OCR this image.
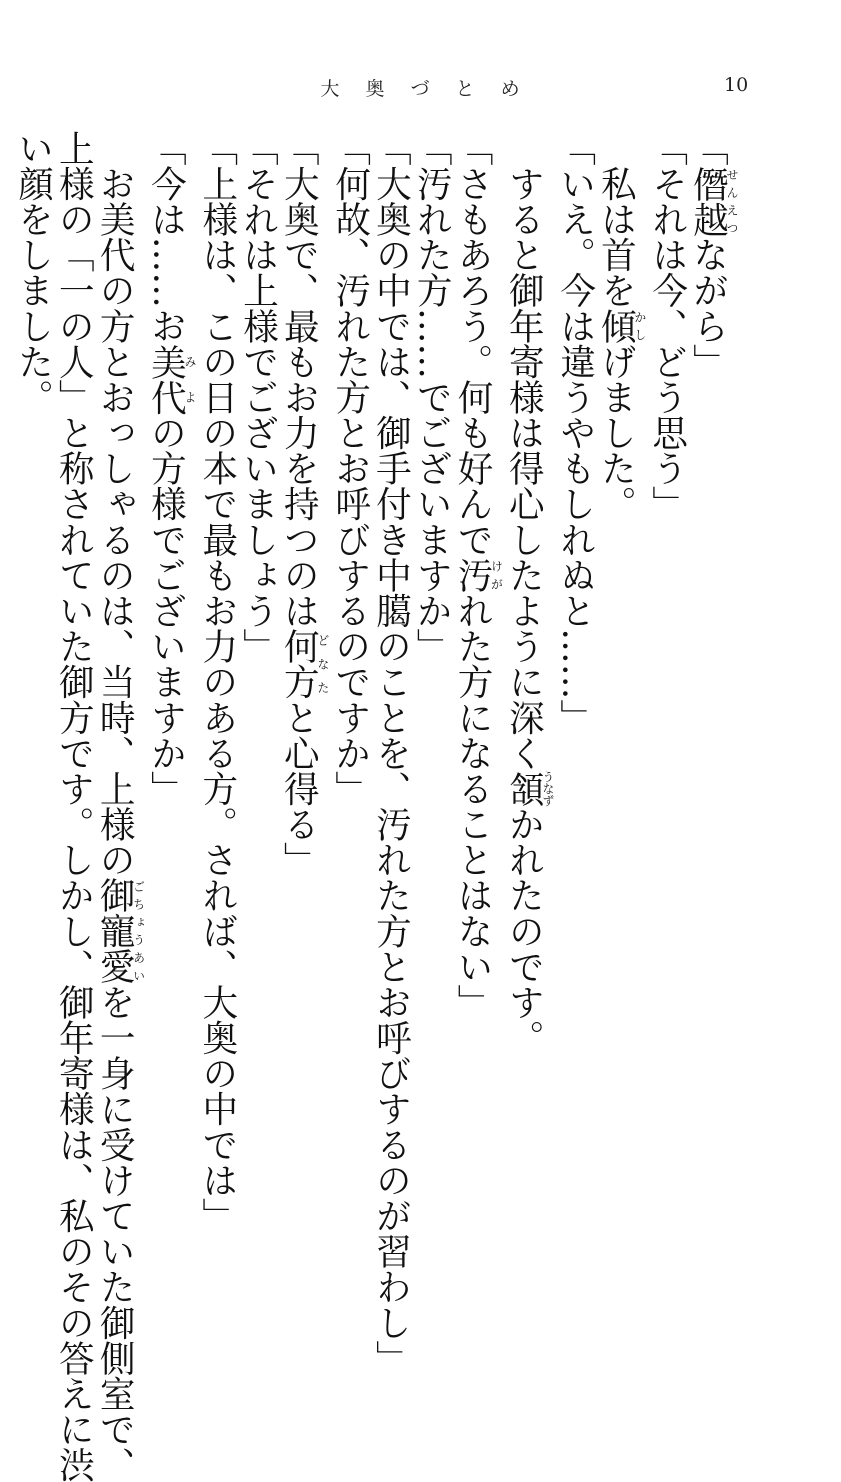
大 奥 づ と め	10
「僭越せんえつながら」
「それは今、どう思う」
　私は首を傾かしげました。
「いえ。今は違うやもしれぬと……」
　すると御年寄様は得心したように深く頷うなずかれたのです。
「さもあろう。何も好んで汚けがれた方になることはない」
「汚れた方……でございますか」
「大奥の中では、御手付き中臈のことを、汚れた方とお呼びするのが習わし」
「何故、汚れた方とお呼びするのですか」
「大奥で、最もお力を持つのは何方どなたと心得る」
「それは上様でございましょう」
「上様は、この日の本で最もお力のある方。されば、大奥の中では」
「今は……お美代みよの方様でございますか」
　お美代の方とおっしゃるのは、当時、上様の御寵愛ごちょうあいを一身に受けていた御側室で、
上様の「一の人」と称されていた御方です。しかし、御年寄様は、私のその答えに渋
い顔をしました。
